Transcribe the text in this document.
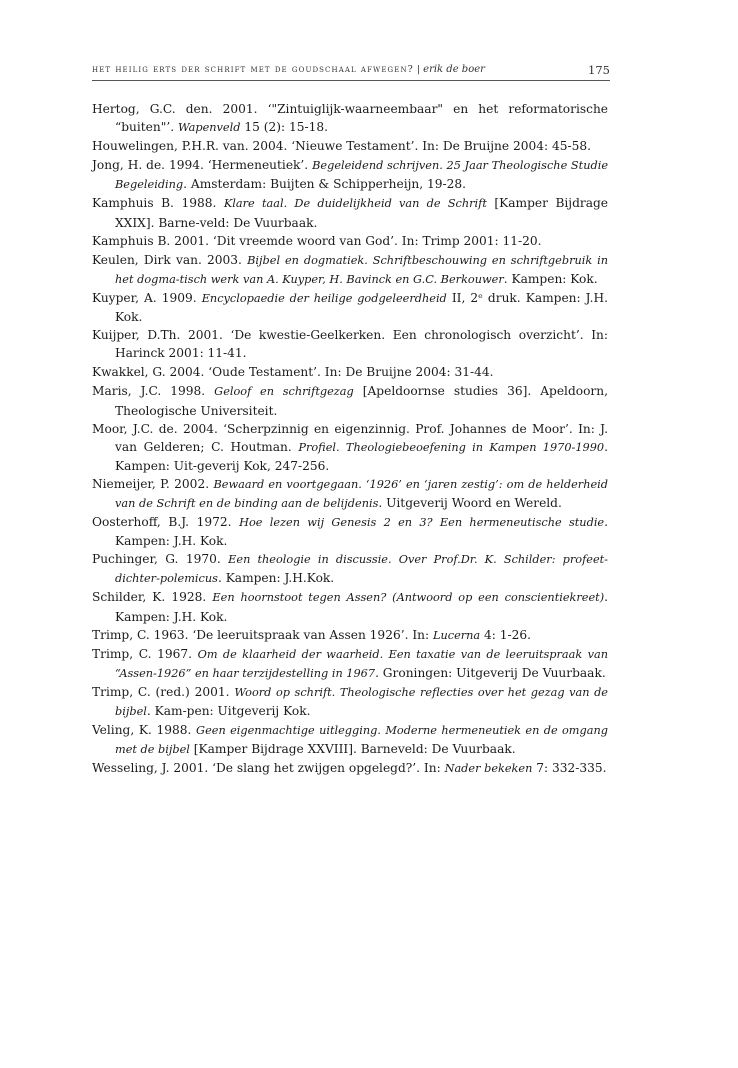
het heilig erts der schrift met de goudschaal afwegen? | erik de boer	175

Hertog, G.C. den. 2001. ‘"Zintuiglijk-waarneembaar" en het reformatorische “buiten"’. Wapenveld 15 (2): 15-18.

Houwelingen, P.H.R. van. 2004. ‘Nieuwe Testament’. In: De Bruijne 2004: 45-58.

Jong, H. de. 1994. ‘Hermeneutiek’. Begeleidend schrijven. 25 Jaar Theologische Studie Begeleiding. Amsterdam: Buijten & Schipperheijn, 19-28.

Kamphuis B. 1988. Klare taal. De duidelijkheid van de Schrift [Kamper Bijdrage XXIX]. Barne-veld: De Vuurbaak.

Kamphuis B. 2001. ‘Dit vreemde woord van God’. In: Trimp 2001: 11-20.

Keulen, Dirk van. 2003. Bijbel en dogmatiek. Schriftbeschouwing en schriftgebruik in het dogma-tisch werk van A. Kuyper, H. Bavinck en G.C. Berkouwer. Kampen: Kok.

Kuyper, A. 1909. Encyclopaedie der heilige godgeleerdheid II, 2ᵉ druk. Kampen: J.H. Kok.

Kuijper, D.Th. 2001. ‘De kwestie-Geelkerken. Een chronologisch overzicht’. In: Harinck 2001: 11-41.

Kwakkel, G. 2004. ‘Oude Testament’. In: De Bruijne 2004: 31-44.

Maris, J.C. 1998. Geloof en schriftgezag [Apeldoornse studies 36]. Apeldoorn, Theologische Universiteit.

Moor, J.C. de. 2004. ‘Scherpzinnig en eigenzinnig. Prof. Johannes de Moor’. In: J. van Gelderen; C. Houtman. Profiel. Theologiebeoefening in Kampen 1970-1990. Kampen: Uit-geverij Kok, 247-256.

Niemeijer, P. 2002. Bewaard en voortgegaan. ‘1926’ en ‘jaren zestig’: om de helderheid van de Schrift en de binding aan de belijdenis. Uitgeverij Woord en Wereld.

Oosterhoff, B.J. 1972. Hoe lezen wij Genesis 2 en 3? Een hermeneutische studie. Kampen: J.H. Kok.

Puchinger, G. 1970. Een theologie in discussie. Over Prof.Dr. K. Schilder: profeet-dichter-polemicus. Kampen: J.H.Kok.

Schilder, K. 1928. Een hoornstoot tegen Assen? (Antwoord op een conscientiekreet). Kampen: J.H. Kok.

Trimp, C. 1963. ‘De leeruitspraak van Assen 1926’. In: Lucerna 4: 1-26.

Trimp, C. 1967. Om de klaarheid der waarheid. Een taxatie van de leeruitspraak van “Assen-1926” en haar terzijdestelling in 1967. Groningen: Uitgeverij De Vuurbaak.

Trimp, C. (red.) 2001. Woord op schrift. Theologische reflecties over het gezag van de bijbel. Kam-pen: Uitgeverij Kok.

Veling, K. 1988. Geen eigenmachtige uitlegging. Moderne hermeneutiek en de omgang met de bijbel [Kamper Bijdrage XXVIII]. Barneveld: De Vuurbaak.

Wesseling, J. 2001. ‘De slang het zwijgen opgelegd?’. In: Nader bekeken 7: 332-335.
